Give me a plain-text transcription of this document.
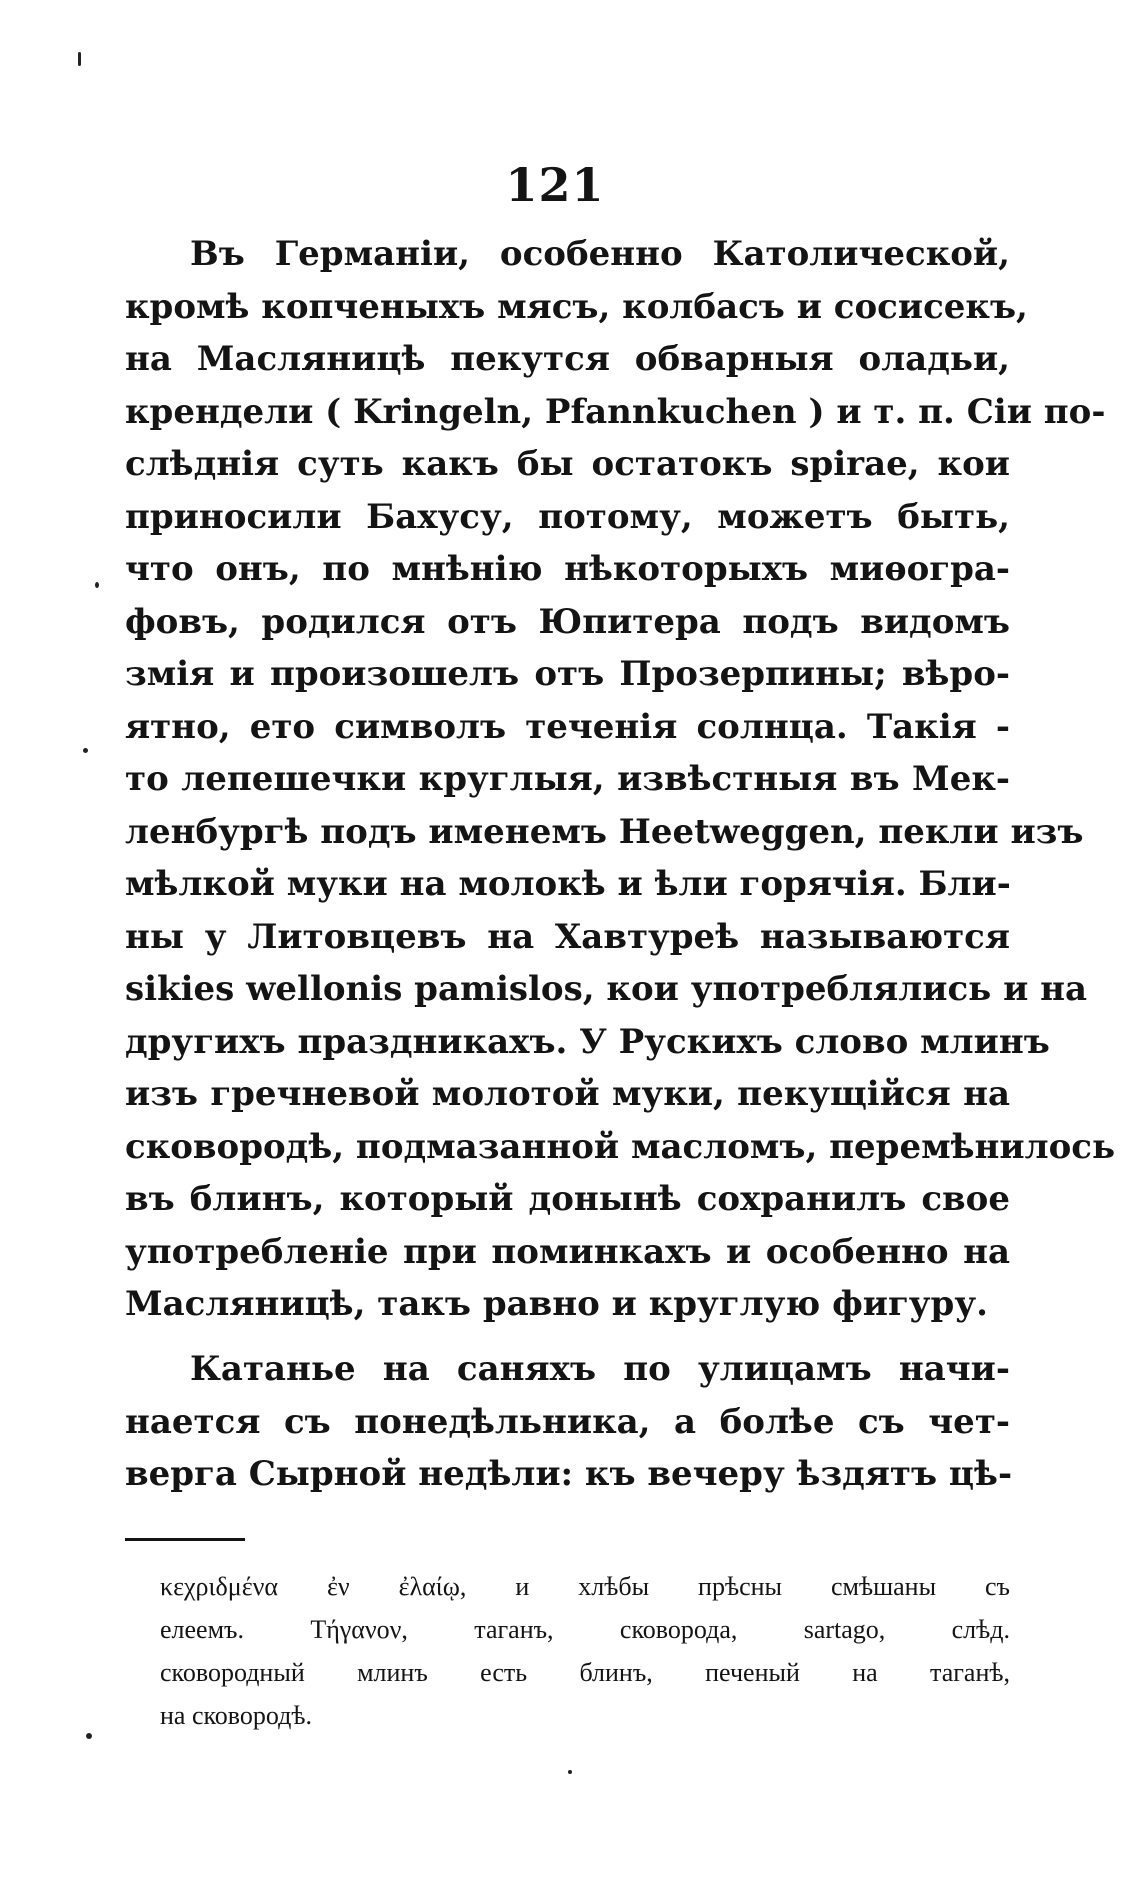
121
Въ Германіи, особенно Католической,
кромѣ копченыхъ мясъ, колбасъ и сосисекъ,
на Масляницѣ пекутся обварныя оладьи,
крендели ( Kringeln, Pfannkuchen ) и т. п. Сіи по-
слѣднія суть какъ бы остатокъ spirae, кои
приносили Бахусу, потому, можетъ быть,
что онъ, по мнѣнію нѣкоторыхъ миѳогра-
фовъ, родился отъ Юпитера подъ видомъ
змія и произошелъ отъ Прозерпины; вѣро-
ятно, ето символъ теченія солнца. Такія -
то лепешечки круглыя, извѣстныя въ Мек-
ленбургѣ подъ именемъ Heetweggen, пекли изъ
мѣлкой муки на молокѣ и ѣли горячія. Бли-
ны у Литовцевъ на Хавтуреѣ называются
sikies wellonis pamislos, кои употреблялись и на
другихъ праздникахъ. У Рускихъ слово млинъ
изъ гречневой молотой муки, пекущійся на
сковородѣ, подмазанной масломъ, перемѣнилось
въ блинъ, который донынѣ сохранилъ свое
употребленіе при поминкахъ и особенно на
Масляницѣ, такъ равно и круглую фигуру.
Катанье на саняхъ по улицамъ начи-
нается съ понедѣльника, а болѣе съ чет-
верга Сырной недѣли: къ вечеру ѣздятъ цѣ-
κεχριδμένα ἐν ἐλαίῳ, и хлѣбы прѣсны смѣшаны съ
елеемъ. Τήγανον, таганъ, сковорода, sartago, слѣд.
сковородный млинъ есть блинъ, печеный на таганѣ,
на сковородѣ.
